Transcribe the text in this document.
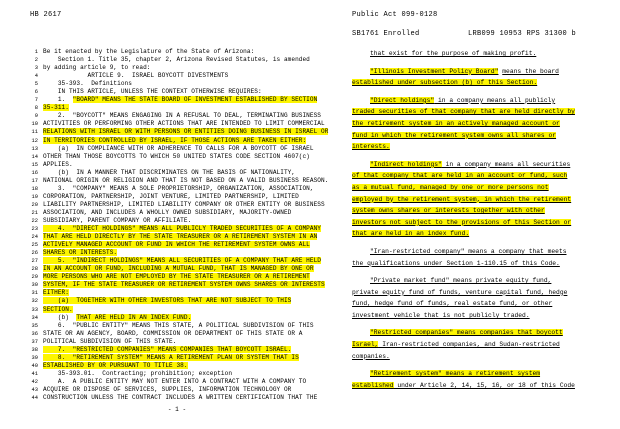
HB 2617	Public Act 099-0128
SB1761 Enrolled	LRB099 10953 RPS 31300 b
1 Be it enacted by the Legislature of the State of Arizona:
2 Section 1. Title 35, chapter 2, Arizona Revised Statutes, is amended
3 by adding article 9, to read:
4 ARTICLE 9.  ISRAEL BOYCOTT DIVESTMENTS
5 35-393.  Definitions
6 IN THIS ARTICLE, UNLESS THE CONTEXT OTHERWISE REQUIRES:
7 1.  "BOARD" MEANS THE STATE BOARD OF INVESTMENT ESTABLISHED BY SECTION
8 35-311.
9 2.  "BOYCOTT" MEANS ENGAGING IN A REFUSAL TO DEAL, TERMINATING BUSINESS
10 ACTIVITIES OR PERFORMING OTHER ACTIONS THAT ARE INTENDED TO LIMIT COMMERCIAL
11 RELATIONS WITH ISRAEL OR WITH PERSONS OR ENTITIES DOING BUSINESS IN ISRAEL OR
12 IN TERRITORIES CONTROLLED BY ISRAEL, IF THOSE ACTIONS ARE TAKEN EITHER:
13 (a)  IN COMPLIANCE WITH OR ADHERENCE TO CALLS FOR A BOYCOTT OF ISRAEL
14 OTHER THAN THOSE BOYCOTTS TO WHICH 50 UNITED STATES CODE SECTION 4607(c)
15 APPLIES.
16 (b)  IN A MANNER THAT DISCRIMINATES ON THE BASIS OF NATIONALITY,
17 NATIONAL ORIGIN OR RELIGION AND THAT IS NOT BASED ON A VALID BUSINESS REASON.
18 3.  "COMPANY" MEANS A SOLE PROPRIETORSHIP, ORGANIZATION, ASSOCIATION,
19 CORPORATION, PARTNERSHIP, JOINT VENTURE, LIMITED PARTNERSHIP, LIMITED
20 LIABILITY PARTNERSHIP, LIMITED LIABILITY COMPANY OR OTHER ENTITY OR BUSINESS
21 ASSOCIATION, AND INCLUDES A WHOLLY OWNED SUBSIDIARY, MAJORITY-OWNED
22 SUBSIDIARY, PARENT COMPANY OR AFFILIATE.
23 4.  "DIRECT HOLDINGS" MEANS ALL PUBLICLY TRADED SECURITIES OF A COMPANY
24 THAT ARE HELD DIRECTLY BY THE STATE TREASURER OR A RETIREMENT SYSTEM IN AN
25 ACTIVELY MANAGED ACCOUNT OR FUND IN WHICH THE RETIREMENT SYSTEM OWNS ALL
26 SHARES OR INTERESTS.
27 5.  "INDIRECT HOLDINGS" MEANS ALL SECURITIES OF A COMPANY THAT ARE HELD
28 IN AN ACCOUNT OR FUND, INCLUDING A MUTUAL FUND, THAT IS MANAGED BY ONE OR
29 MORE PERSONS WHO ARE NOT EMPLOYED BY THE STATE TREASURER OR A RETIREMENT
30 SYSTEM, IF THE STATE TREASURER OR RETIREMENT SYSTEM OWNS SHARES OR INTERESTS
31 EITHER:
32 (a)  TOGETHER WITH OTHER INVESTORS THAT ARE NOT SUBJECT TO THIS
33 SECTION.
34 (b)  THAT ARE HELD IN AN INDEX FUND.
35 6.  "PUBLIC ENTITY" MEANS THIS STATE, A POLITICAL SUBDIVISION OF THIS
36 STATE OR AN AGENCY, BOARD, COMMISSION OR DEPARTMENT OF THIS STATE OR A
37 POLITICAL SUBDIVISION OF THIS STATE.
38 7.  "RESTRICTED COMPANIES" MEANS COMPANIES THAT BOYCOTT ISRAEL.
39 8.  "RETIREMENT SYSTEM" MEANS A RETIREMENT PLAN OR SYSTEM THAT IS
40 ESTABLISHED BY OR PURSUANT TO TITLE 38.
41 35-393.01.  Contracting; prohibition; exception
42 A.  A PUBLIC ENTITY MAY NOT ENTER INTO A CONTRACT WITH A COMPANY TO
43 ACQUIRE OR DISPOSE OF SERVICES, SUPPLIES, INFORMATION TECHNOLOGY OR
44 CONSTRUCTION UNLESS THE CONTRACT INCLUDES A WRITTEN CERTIFICATION THAT THE
- 1 -

that exist for the purpose of making profit.

"Illinois Investment Policy Board" means the board
established under subsection (b) of this Section.

"Direct holdings" in a company means all publicly
traded securities of that company that are held directly by
the retirement system in an actively managed account or
fund in which the retirement system owns all shares or
interests.

"Indirect holdings" in a company means all securities
of that company that are held in an account or fund, such
as a mutual fund, managed by one or more persons not
employed by the retirement system, in which the retirement
system owns shares or interests together with other
investors not subject to the provisions of this Section or
that are held in an index fund.

"Iran-restricted company" means a company that meets
the qualifications under Section 1-110.15 of this Code.

"Private market fund" means private equity fund,
private equity fund of funds, venture capital fund, hedge
fund, hedge fund of funds, real estate fund, or other
investment vehicle that is not publicly traded.

"Restricted companies" means companies that boycott
Israel, Iran-restricted companies, and Sudan-restricted
companies.

"Retirement system" means a retirement system
established under Article 2, 14, 15, 16, or 18 of this Code
